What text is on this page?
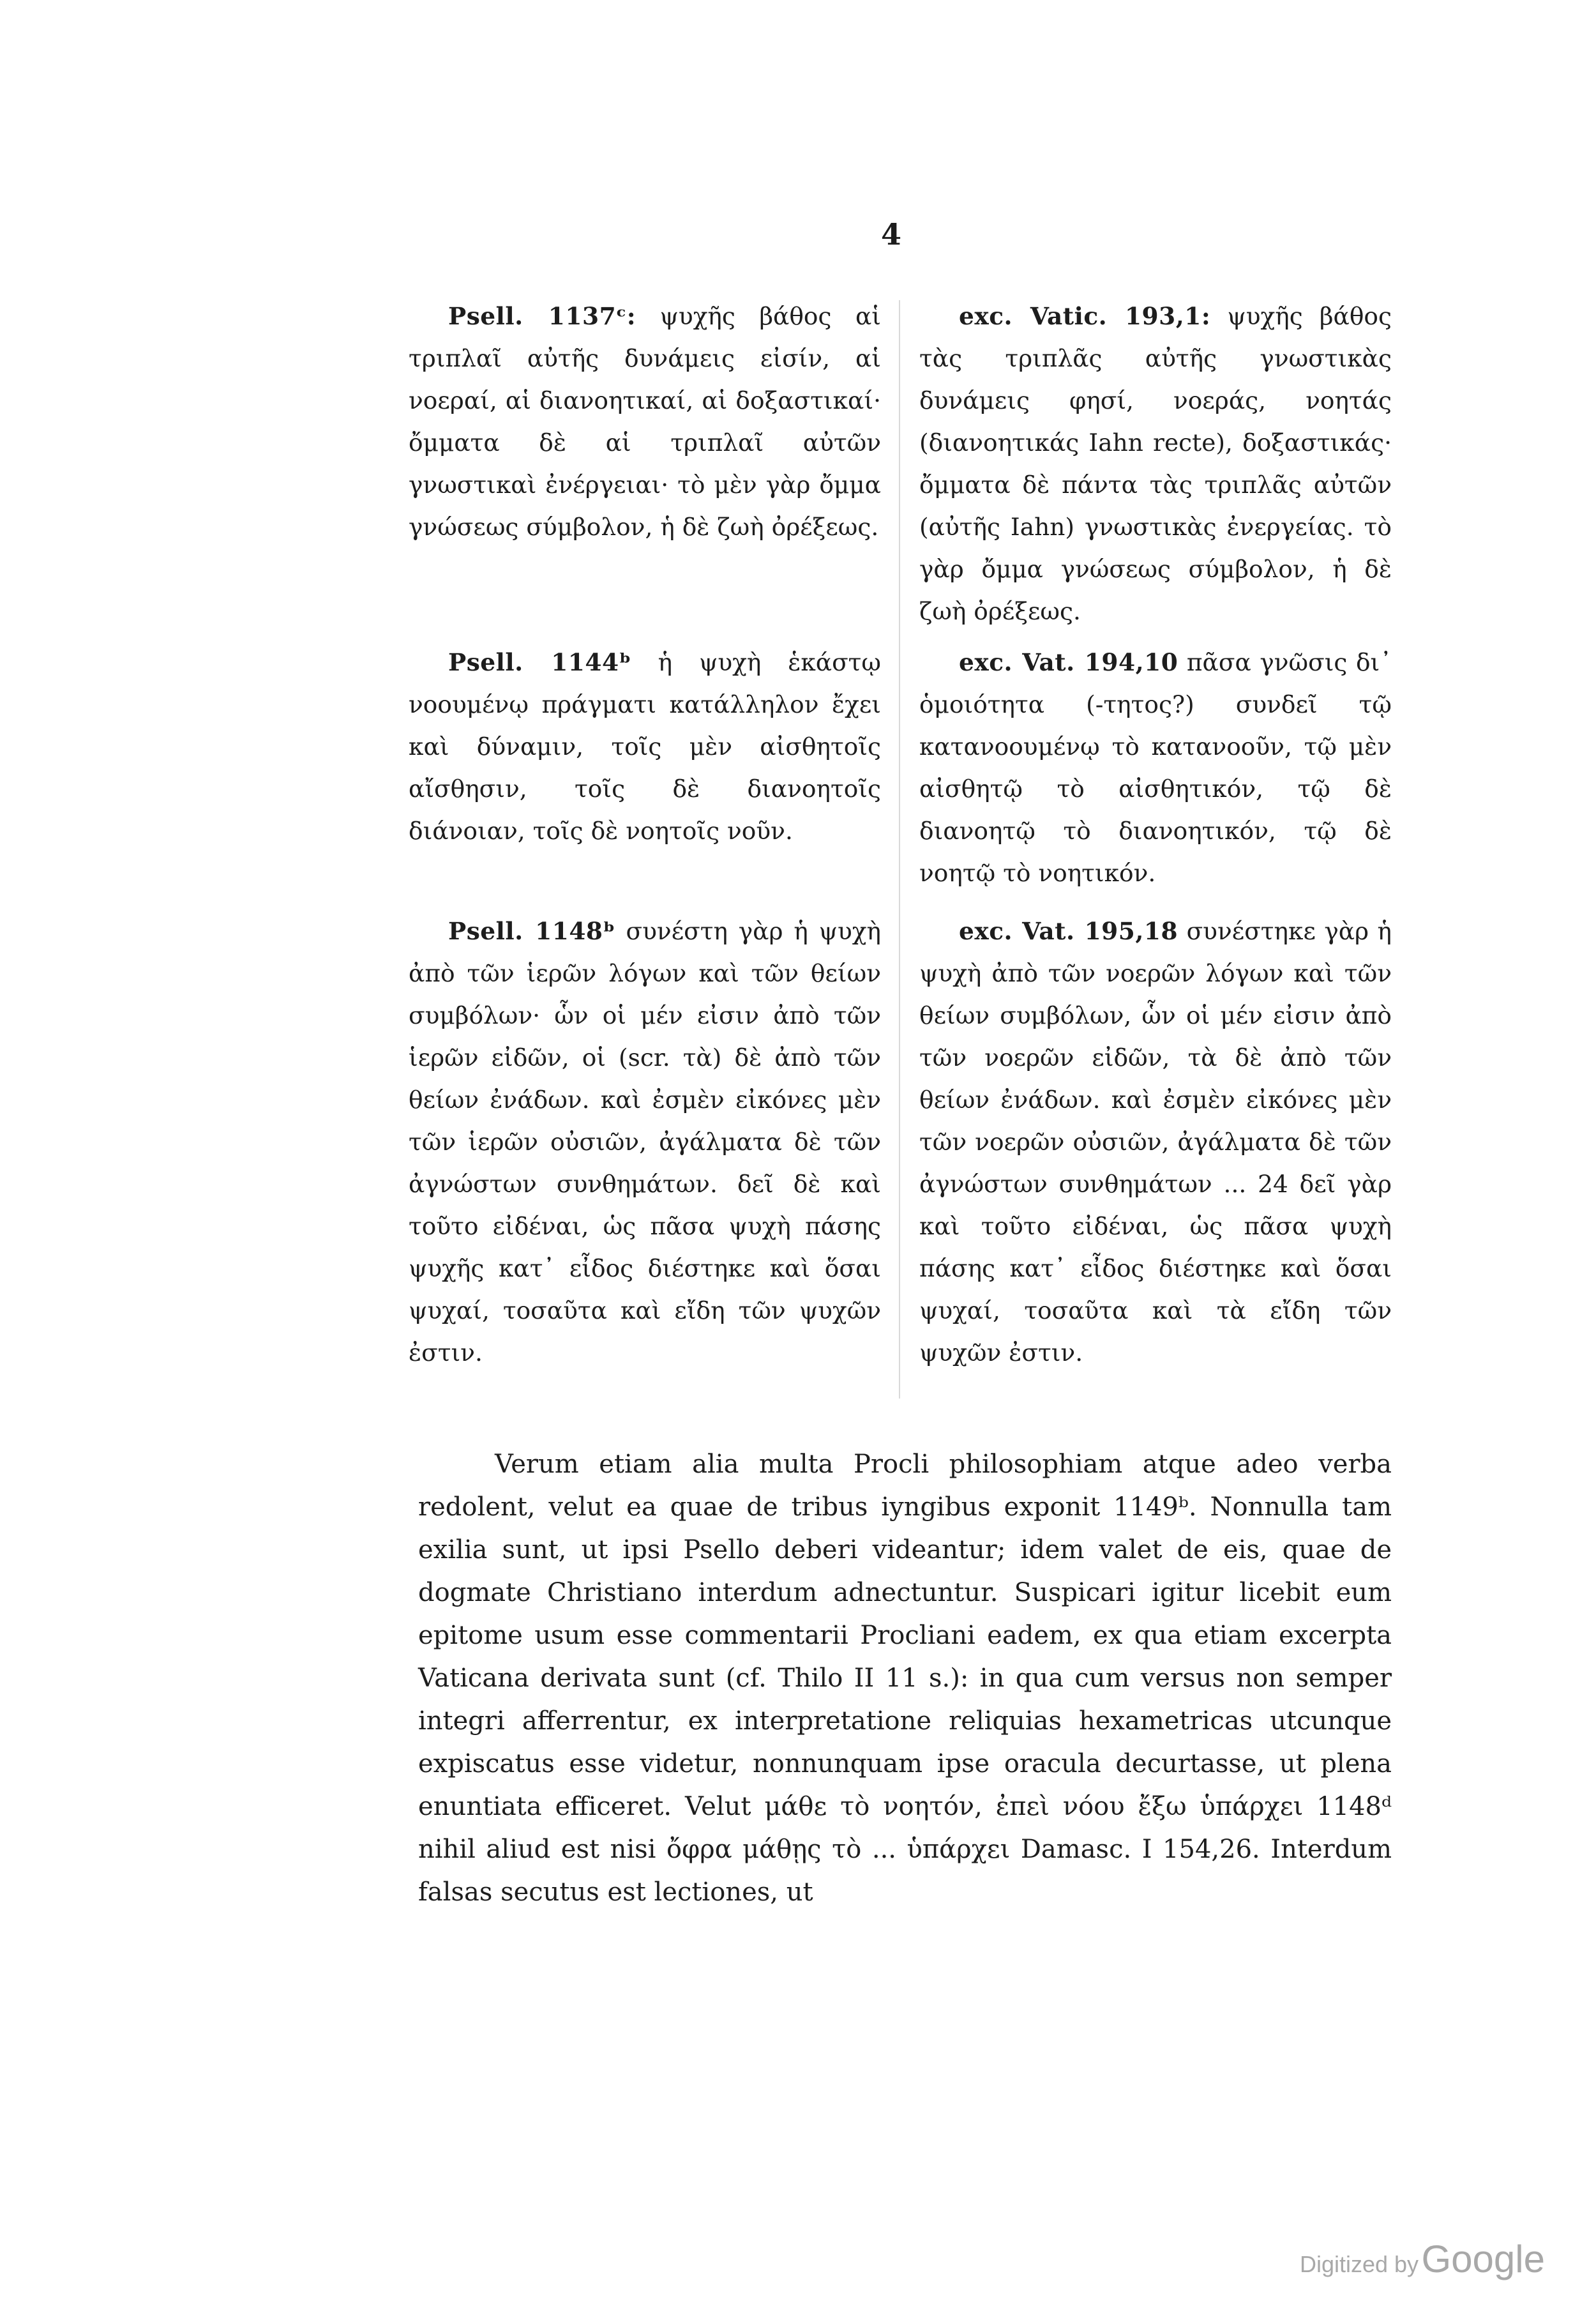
4

Psell. 1137ᶜ: ψυχῆς βάθος αἱ τριπλαῖ αὐτῆς δυνάμεις εἰσίν, αἱ νοεραί, αἱ διανοητικαί, αἱ δοξαστικαί· ὄμματα δὲ αἱ τριπλαῖ αὐτῶν γνωστικαὶ ἐνέργειαι· τὸ μὲν γὰρ ὄμμα γνώσεως σύμβολον, ἡ δὲ ζωὴ ὀρέξεως.

exc. Vatic. 193,1: ψυχῆς βάθος τὰς τριπλᾶς αὐτῆς γνωστικὰς δυνάμεις φησί, νοεράς, νοητάς (διανοητικάς Iahn recte), δοξαστικάς· ὄμματα δὲ πάντα τὰς τριπλᾶς αὐτῶν (αὐτῆς Iahn) γνωστικὰς ἐνεργείας. τὸ γὰρ ὄμμα γνώσεως σύμβολον, ἡ δὲ ζωὴ ὀρέξεως.

Psell. 1144ᵇ ἡ ψυχὴ ἑκάστῳ νοουμένῳ πράγματι κατάλληλον ἔχει καὶ δύναμιν, τοῖς μὲν αἰσθητοῖς αἴσθησιν, τοῖς δὲ διανοητοῖς διάνοιαν, τοῖς δὲ νοητοῖς νοῦν.

exc. Vat. 194,10 πᾶσα γνῶσις δι᾿ ὁμοιότητα (-τητος?) συνδεῖ τῷ κατανοουμένῳ τὸ κατανοοῦν, τῷ μὲν αἰσθητῷ τὸ αἰσθητικόν, τῷ δὲ διανοητῷ τὸ διανοητικόν, τῷ δὲ νοητῷ τὸ νοητικόν.

Psell. 1148ᵇ συνέστη γὰρ ἡ ψυχὴ ἀπὸ τῶν ἱερῶν λόγων καὶ τῶν θείων συμβόλων· ὧν οἱ μέν εἰσιν ἀπὸ τῶν ἱερῶν εἰδῶν, οἱ (scr. τὰ) δὲ ἀπὸ τῶν θείων ἐνάδων. καὶ ἐσμὲν εἰκόνες μὲν τῶν ἱερῶν οὐσιῶν, ἀγάλματα δὲ τῶν ἀγνώστων συνθημάτων. δεῖ δὲ καὶ τοῦτο εἰδέναι, ὡς πᾶσα ψυχὴ πάσης ψυχῆς κατ᾿ εἶδος διέστηκε καὶ ὅσαι ψυχαί, τοσαῦτα καὶ εἴδη τῶν ψυχῶν ἐστιν.

exc. Vat. 195,18 συνέστηκε γὰρ ἡ ψυχὴ ἀπὸ τῶν νοερῶν λόγων καὶ τῶν θείων συμβόλων, ὧν οἱ μέν εἰσιν ἀπὸ τῶν νοερῶν εἰδῶν, τὰ δὲ ἀπὸ τῶν θείων ἐνάδων. καὶ ἐσμὲν εἰκόνες μὲν τῶν νοερῶν οὐσιῶν, ἀγάλματα δὲ τῶν ἀγνώστων συνθημάτων ... 24 δεῖ γὰρ καὶ τοῦτο εἰδέναι, ὡς πᾶσα ψυχὴ πάσης κατ᾿ εἶδος διέστηκε καὶ ὅσαι ψυχαί, τοσαῦτα καὶ τὰ εἴδη τῶν ψυχῶν ἐστιν.

Verum etiam alia multa Procli philosophiam atque adeo verba redolent, velut ea quae de tribus iyngibus exponit 1149ᵇ. Nonnulla tam exilia sunt, ut ipsi Psello deberi videantur; idem valet de eis, quae de dogmate Christiano interdum adnectuntur. Suspicari igitur licebit eum epitome usum esse commentarii Procliani eadem, ex qua etiam excerpta Vaticana derivata sunt (cf. Thilo II 11 s.): in qua cum versus non semper integri afferrentur, ex interpretatione reliquias hexametricas utcunque expiscatus esse videtur, nonnunquam ipse oracula decurtasse, ut plena enuntiata efficeret. Velut μάθε τὸ νοητόν, ἐπεὶ νόου ἔξω ὑπάρχει 1148ᵈ nihil aliud est nisi ὄφρα μάθῃς τὸ ... ὑπάρχει Damasc. I 154,26. Interdum falsas secutus est lectiones, ut

Digitized by Google
